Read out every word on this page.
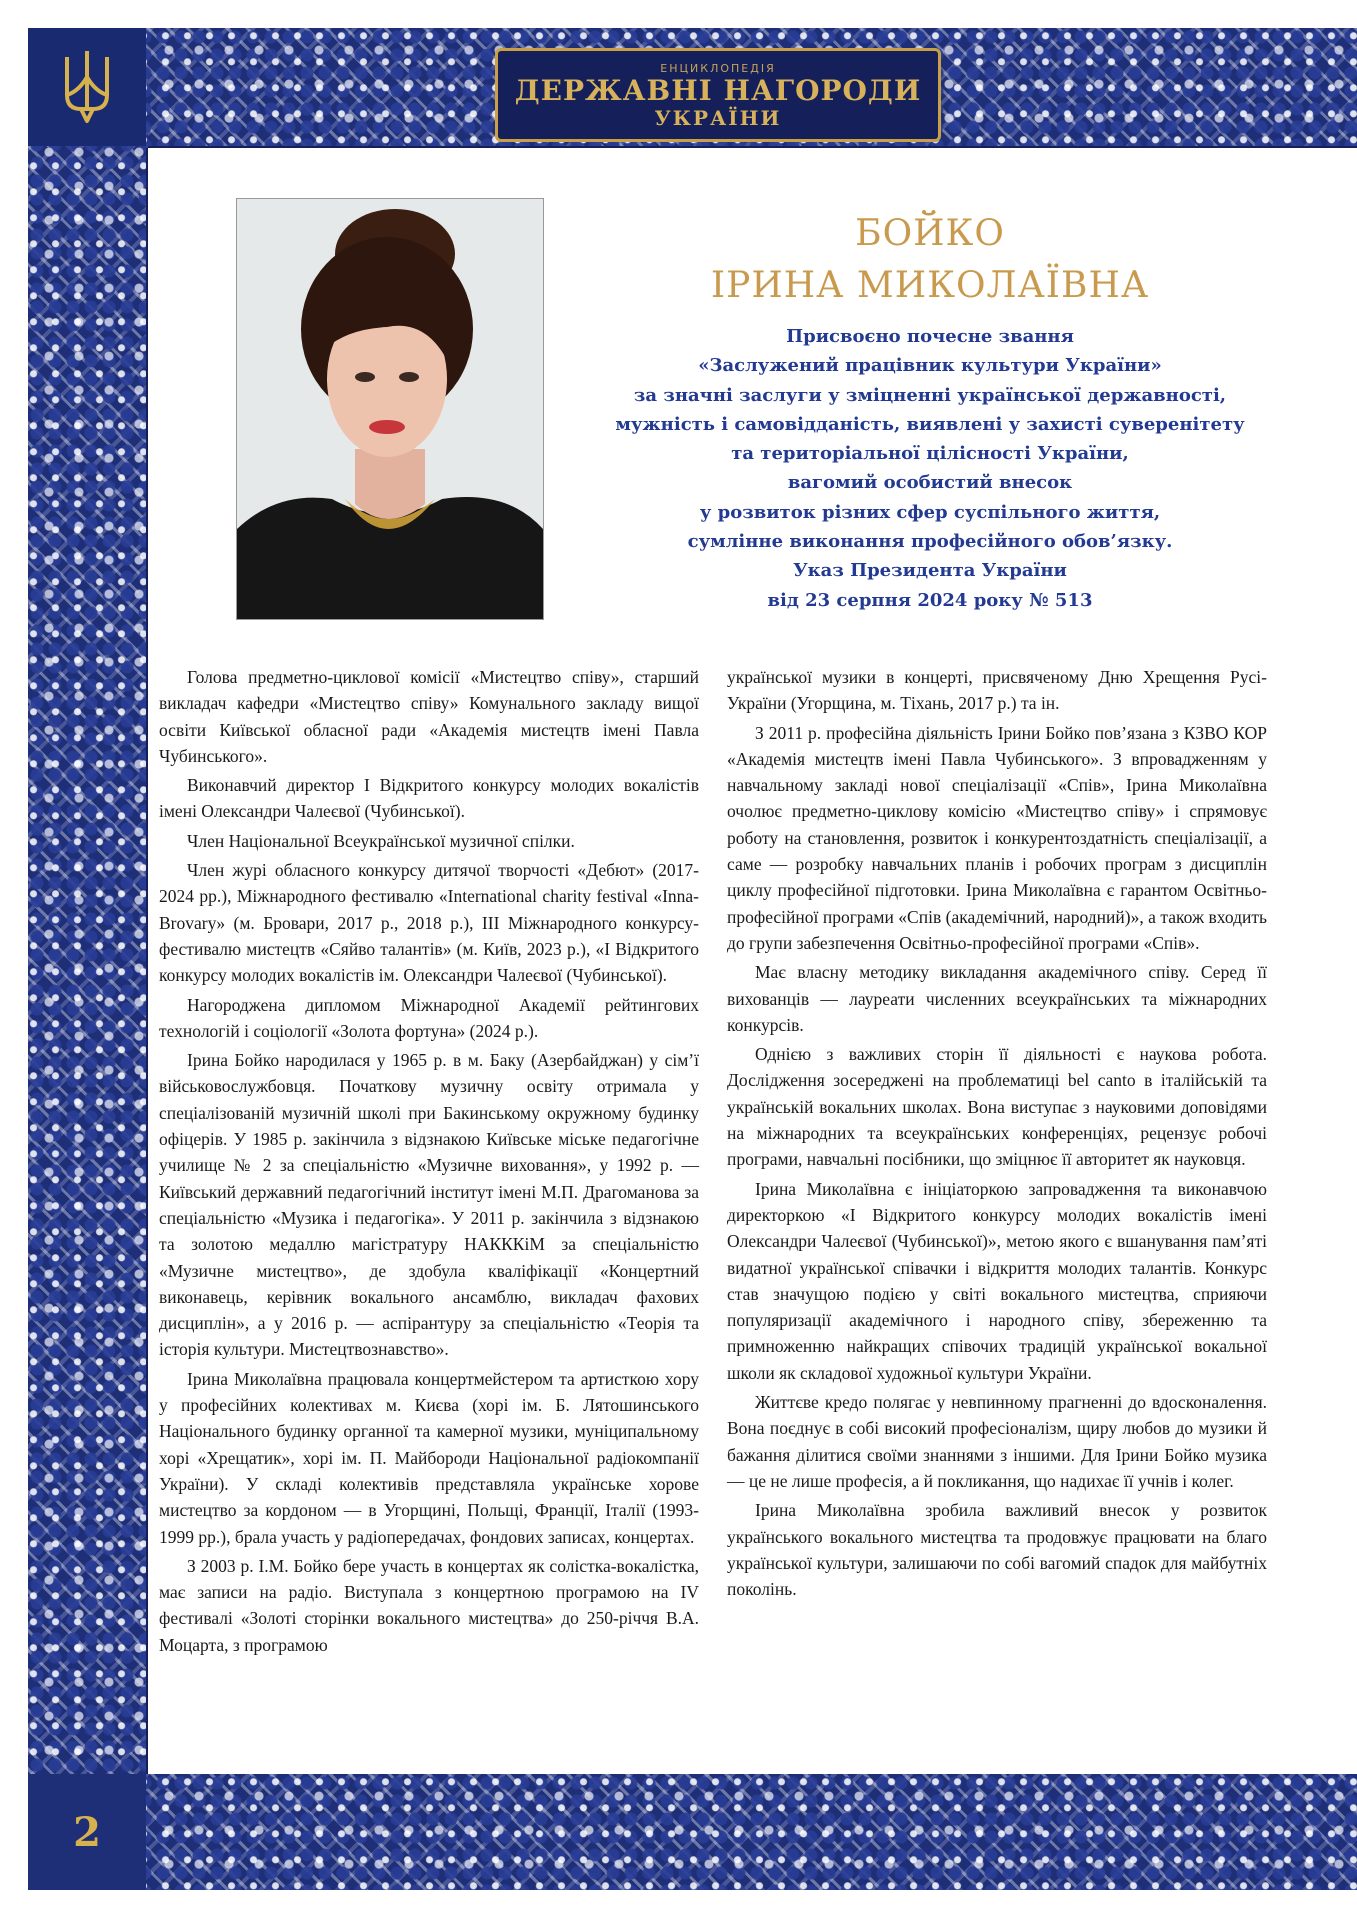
ЕНЦИКЛОПЕДІЯ
ДЕРЖАВНІ НАГОРОДИ
УКРАЇНИ
2
БОЙКО
ІРИНА МИКОЛАЇВНА
Присвоєно почесне звання
«Заслужений працівник культури України»
за значні заслуги у зміцненні української державності,
мужність і самовідданість, виявлені у захисті суверенітету
та територіальної цілісності України,
вагомий особистий внесок
у розвиток різних сфер суспільного життя,
сумлінне виконання професійного обов’язку.
Указ Президента України
від 23 серпня 2024 року № 513

Голова предметно-циклової комісії «Мистецтво співу», старший викладач кафедри «Мистецтво співу» Комунального закладу вищої освіти Київської обласної ради «Академія мистецтв імені Павла Чубинського».

Виконавчий директор І Відкритого конкурсу молодих вокалістів імені Олександри Чалеєвої (Чубинської).

Член Національної Всеукраїнської музичної спілки.

Член журі обласного конкурсу дитячої творчості «Дебют» (2017-2024 рр.), Міжнародного фестивалю «International charity festival «Inna-Brovary» (м. Бровари, 2017 р., 2018 р.), ІІІ Міжнародного конкурсу-фестивалю мистецтв «Сяйво талантів» (м. Київ, 2023 р.), «І Відкритого конкурсу молодих вокалістів ім. Олександри Чалеєвої (Чубинської).

Нагороджена дипломом Міжнародної Академії рейтингових технологій і соціології «Золота фортуна» (2024 р.).

Ірина Бойко народилася у 1965 р. в м. Баку (Азербайджан) у сім’ї військовослужбовця. Початкову музичну освіту отримала у спеціалізованій музичній школі при Бакинському окружному будинку офіцерів. У 1985 р. закінчила з відзнакою Київське міське педагогічне училище № 2 за спеціальністю «Музичне виховання», у 1992 р. — Київський державний педагогічний інститут імені М.П. Драгоманова за спеціальністю «Музика і педагогіка». У 2011 р. закінчила з відзнакою та золотою медаллю магістратуру НАКККіМ за спеціальністю «Музичне мистецтво», де здобула кваліфікації «Концертний виконавець, керівник вокального ансамблю, викладач фахових дисциплін», а у 2016 р. — аспірантуру за спеціальністю «Теорія та історія культури. Мистецтвознавство».

Ірина Миколаївна працювала концертмейстером та артисткою хору у професійних колективах м. Києва (хорі ім. Б. Лятошинського Національного будинку органної та камерної музики, муніципальному хорі «Хрещатик», хорі ім. П. Майбороди Національної радіокомпанії України). У складі колективів представляла українське хорове мистецтво за кордоном — в Угорщині, Польщі, Франції, Італії (1993-1999 рр.), брала участь у радіопередачах, фондових записах, концертах.

З 2003 р. І.М. Бойко бере участь в концертах як солістка-вокалістка, має записи на радіо. Виступала з концертною програмою на IV фестивалі «Золоті сторінки вокального мистецтва» до 250-річчя В.А. Моцарта, з програмою

української музики в концерті, присвяченому Дню Хрещення Русі-України (Угорщина, м. Тіхань, 2017 р.) та ін.

З 2011 р. професійна діяльність Ірини Бойко пов’язана з КЗВО КОР «Академія мистецтв імені Павла Чубинського». З впровадженням у навчальному закладі нової спеціалізації «Спів», Ірина Миколаївна очолює предметно-циклову комісію «Мистецтво співу» і спрямовує роботу на становлення, розвиток і конкурентоздатність спеціалізації, а саме — розробку навчальних планів і робочих програм з дисциплін циклу професійної підготовки. Ірина Миколаївна є гарантом Освітньо-професійної програми «Спів (академічний, народний)», а також входить до групи забезпечення Освітньо-професійної програми «Спів».

Має власну методику викладання академічного співу. Серед її вихованців — лауреати численних всеукраїнських та міжнародних конкурсів.

Однією з важливих сторін її діяльності є наукова робота. Дослідження зосереджені на проблематиці bel canto в італійській та українській вокальних школах. Вона виступає з науковими доповідями на міжнародних та всеукраїнських конференціях, рецензує робочі програми, навчальні посібники, що зміцнює її авторитет як науковця.

Ірина Миколаївна є ініціаторкою запровадження та виконавчою директоркою «І Відкритого конкурсу молодих вокалістів імені Олександри Чалеєвої (Чубинської)», метою якого є вшанування пам’яті видатної української співачки і відкриття молодих талантів. Конкурс став значущою подією у світі вокального мистецтва, сприяючи популяризації академічного і народного співу, збереженню та примноженню найкращих співочих традицій української вокальної школи як складової художньої культури України.

Життєве кредо полягає у невпинному прагненні до вдосконалення. Вона поєднує в собі високий професіоналізм, щиру любов до музики й бажання ділитися своїми знаннями з іншими. Для Ірини Бойко музика — це не лише професія, а й покликання, що надихає її учнів і колег.

Ірина Миколаївна зробила важливий внесок у розвиток українського вокального мистецтва та продовжує працювати на благо української культури, залишаючи по собі вагомий спадок для майбутніх поколінь.
